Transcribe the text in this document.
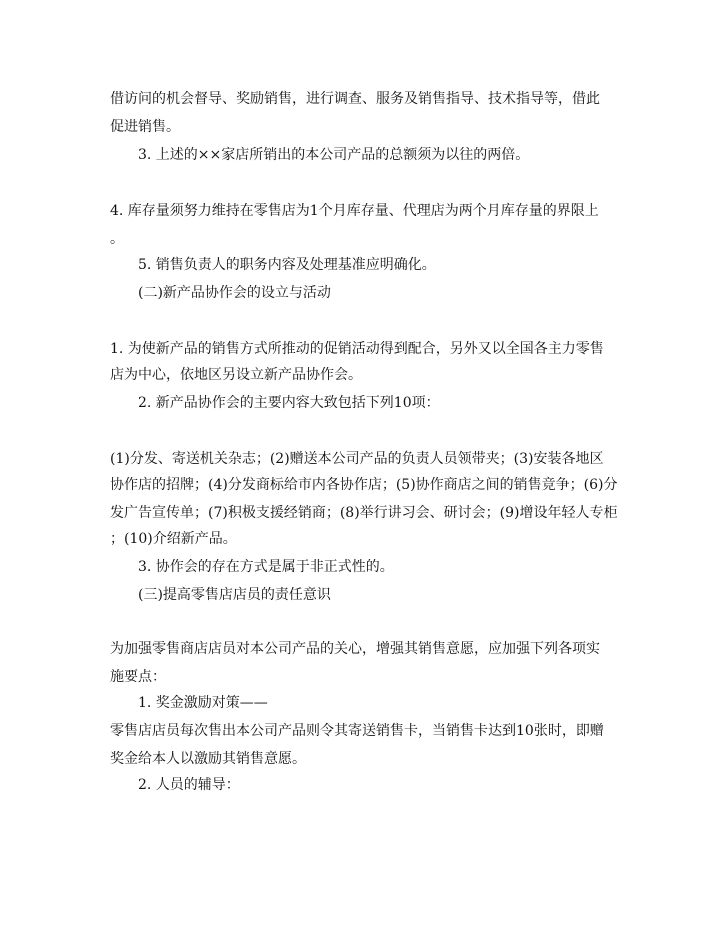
借访问的机会督导、奖励销售，进行调查、服务及销售指导、技术指导等，借此
促进销售。
3. 上述的××家店所销出的本公司产品的总额须为以往的两倍。
4. 库存量须努力维持在零售店为1个月库存量、代理店为两个月库存量的界限上
。
5. 销售负责人的职务内容及处理基准应明确化。
(二)新产品协作会的设立与活动
1. 为使新产品的销售方式所推动的促销活动得到配合，另外又以全国各主力零售
店为中心，依地区另设立新产品协作会。
2. 新产品协作会的主要内容大致包括下列10项：
(1)分发、寄送机关杂志；(2)赠送本公司产品的负责人员领带夹；(3)安装各地区
协作店的招牌；(4)分发商标给市内各协作店；(5)协作商店之间的销售竞争；(6)分
发广告宣传单；(7)积极支援经销商；(8)举行讲习会、研讨会；(9)增设年轻人专柜
；(10)介绍新产品。
3. 协作会的存在方式是属于非正式性的。
(三)提高零售店店员的责任意识
为加强零售商店店员对本公司产品的关心，增强其销售意愿，应加强下列各项实
施要点：
1. 奖金激励对策——
零售店店员每次售出本公司产品则令其寄送销售卡，当销售卡达到10张时，即赠
奖金给本人以激励其销售意愿。
2. 人员的辅导：
